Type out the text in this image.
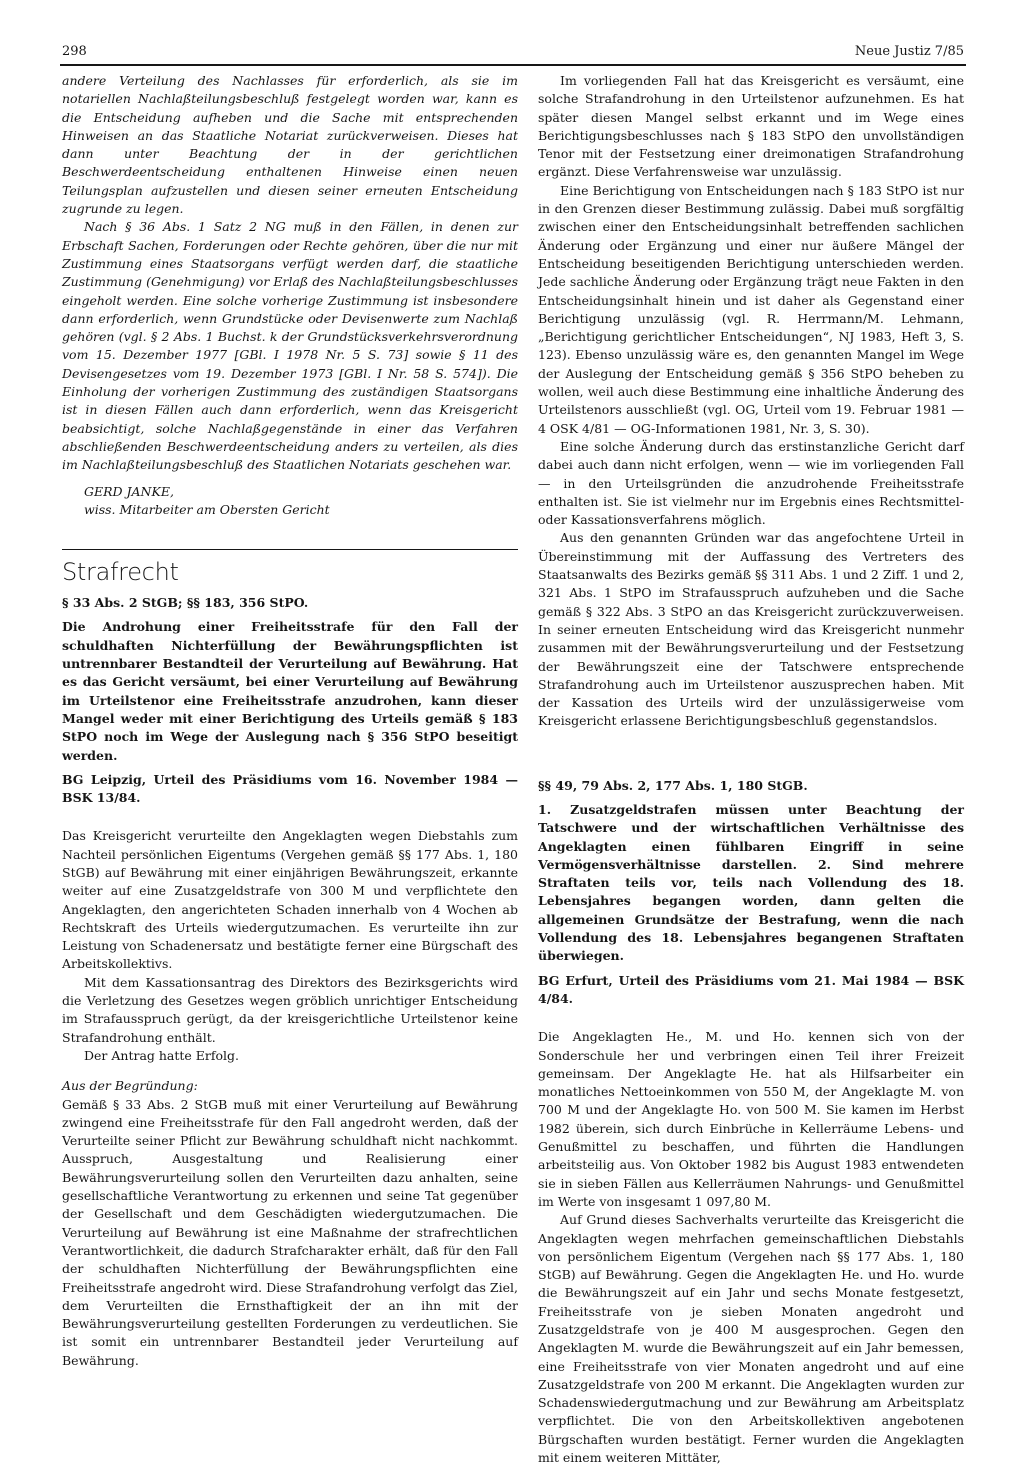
298	Neue Justiz 7/85

andere Verteilung des Nachlasses für erforderlich, als sie im notariellen Nachlaßteilungsbeschluß festgelegt worden war, kann es die Entscheidung aufheben und die Sache mit entsprechenden Hinweisen an das Staatliche Notariat zurückverweisen. Dieses hat dann unter Beachtung der in der gerichtlichen Beschwerdeentscheidung enthaltenen Hinweise einen neuen Teilungsplan aufzustellen und diesen seiner erneuten Entscheidung zugrunde zu legen.

Nach § 36 Abs. 1 Satz 2 NG muß in den Fällen, in denen zur Erbschaft Sachen, Forderungen oder Rechte gehören, über die nur mit Zustimmung eines Staatsorgans verfügt werden darf, die staatliche Zustimmung (Genehmigung) vor Erlaß des Nachlaßteilungsbeschlusses eingeholt werden. Eine solche vorherige Zustimmung ist insbesondere dann erforderlich, wenn Grundstücke oder Devisenwerte zum Nachlaß gehören (vgl. § 2 Abs. 1 Buchst. k der Grundstücksverkehrsverordnung vom 15. Dezember 1977 [GBl. I 1978 Nr. 5 S. 73] sowie § 11 des Devisengesetzes vom 19. Dezember 1973 [GBl. I Nr. 58 S. 574]). Die Einholung der vorherigen Zustimmung des zuständigen Staatsorgans ist in diesen Fällen auch dann erforderlich, wenn das Kreisgericht beabsichtigt, solche Nachlaßgegenstände in einer das Verfahren abschließenden Beschwerdeentscheidung anders zu verteilen, als dies im Nachlaßteilungsbeschluß des Staatlichen Notariats geschehen war.

GERD JANKE,

wiss. Mitarbeiter am Obersten Gericht

Strafrecht

§ 33 Abs. 2 StGB; §§ 183, 356 StPO.

Die Androhung einer Freiheitsstrafe für den Fall der schuldhaften Nichterfüllung der Bewährungspflichten ist untrennbarer Bestandteil der Verurteilung auf Bewährung. Hat es das Gericht versäumt, bei einer Verurteilung auf Bewährung im Urteilstenor eine Freiheitsstrafe anzudrohen, kann dieser Mangel weder mit einer Berichtigung des Urteils gemäß § 183 StPO noch im Wege der Auslegung nach § 356 StPO beseitigt werden.

BG Leipzig, Urteil des Präsidiums vom 16. November 1984 — BSK 13/84.

Das Kreisgericht verurteilte den Angeklagten wegen Diebstahls zum Nachteil persönlichen Eigentums (Vergehen gemäß §§ 177 Abs. 1, 180 StGB) auf Bewährung mit einer einjährigen Bewährungszeit, erkannte weiter auf eine Zusatzgeldstrafe von 300 M und verpflichtete den Angeklagten, den angerichteten Schaden innerhalb von 4 Wochen ab Rechtskraft des Urteils wiedergutzumachen. Es verurteilte ihn zur Leistung von Schadenersatz und bestätigte ferner eine Bürgschaft des Arbeitskollektivs.

Mit dem Kassationsantrag des Direktors des Bezirksgerichts wird die Verletzung des Gesetzes wegen gröblich unrichtiger Entscheidung im Strafausspruch gerügt, da der kreisgerichtliche Urteilstenor keine Strafandrohung enthält.

Der Antrag hatte Erfolg.

Aus der Begründung:

Gemäß § 33 Abs. 2 StGB muß mit einer Verurteilung auf Bewährung zwingend eine Freiheitsstrafe für den Fall angedroht werden, daß der Verurteilte seiner Pflicht zur Bewährung schuldhaft nicht nachkommt. Ausspruch, Ausgestaltung und Realisierung einer Bewährungsverurteilung sollen den Verurteilten dazu anhalten, seine gesellschaftliche Verantwortung zu erkennen und seine Tat gegenüber der Gesellschaft und dem Geschädigten wiedergutzumachen. Die Verurteilung auf Bewährung ist eine Maßnahme der strafrechtlichen Verantwortlichkeit, die dadurch Strafcharakter erhält, daß für den Fall der schuldhaften Nichterfüllung der Bewährungspflichten eine Freiheitsstrafe angedroht wird. Diese Strafandrohung verfolgt das Ziel, dem Verurteilten die Ernsthaftigkeit der an ihn mit der Bewährungsverurteilung gestellten Forderungen zu verdeutlichen. Sie ist somit ein untrennbarer Bestandteil jeder Verurteilung auf Bewährung.

Im vorliegenden Fall hat das Kreisgericht es versäumt, eine solche Strafandrohung in den Urteilstenor aufzunehmen. Es hat später diesen Mangel selbst erkannt und im Wege eines Berichtigungsbeschlusses nach § 183 StPO den unvollständigen Tenor mit der Festsetzung einer dreimonatigen Strafandrohung ergänzt. Diese Verfahrensweise war unzulässig.

Eine Berichtigung von Entscheidungen nach § 183 StPO ist nur in den Grenzen dieser Bestimmung zulässig. Dabei muß sorgfältig zwischen einer den Entscheidungsinhalt betreffenden sachlichen Änderung oder Ergänzung und einer nur äußere Mängel der Entscheidung beseitigenden Berichtigung unterschieden werden. Jede sachliche Änderung oder Ergänzung trägt neue Fakten in den Entscheidungsinhalt hinein und ist daher als Gegenstand einer Berichtigung unzulässig (vgl. R. Herrmann/M. Lehmann, „Berichtigung gerichtlicher Entscheidungen“, NJ 1983, Heft 3, S. 123). Ebenso unzulässig wäre es, den genannten Mangel im Wege der Auslegung der Entscheidung gemäß § 356 StPO beheben zu wollen, weil auch diese Bestimmung eine inhaltliche Änderung des Urteilstenors ausschließt (vgl. OG, Urteil vom 19. Februar 1981 — 4 OSK 4/81 — OG-Informationen 1981, Nr. 3, S. 30).

Eine solche Änderung durch das erstinstanzliche Gericht darf dabei auch dann nicht erfolgen, wenn — wie im vorliegenden Fall — in den Urteilsgründen die anzudrohende Freiheitsstrafe enthalten ist. Sie ist vielmehr nur im Ergebnis eines Rechtsmittel- oder Kassationsverfahrens möglich.

Aus den genannten Gründen war das angefochtene Urteil in Übereinstimmung mit der Auffassung des Vertreters des Staatsanwalts des Bezirks gemäß §§ 311 Abs. 1 und 2 Ziff. 1 und 2, 321 Abs. 1 StPO im Strafausspruch aufzuheben und die Sache gemäß § 322 Abs. 3 StPO an das Kreisgericht zurückzuverweisen. In seiner erneuten Entscheidung wird das Kreisgericht nunmehr zusammen mit der Bewährungsverurteilung und der Festsetzung der Bewährungszeit eine der Tatschwere entsprechende Strafandrohung auch im Urteilstenor auszusprechen haben. Mit der Kassation des Urteils wird der unzulässigerweise vom Kreisgericht erlassene Berichtigungsbeschluß gegenstandslos.

§§ 49, 79 Abs. 2, 177 Abs. 1, 180 StGB.

1. Zusatzgeldstrafen müssen unter Beachtung der Tatschwere und der wirtschaftlichen Verhältnisse des Angeklagten einen fühlbaren Eingriff in seine Vermögensverhältnisse darstellen. 2. Sind mehrere Straftaten teils vor, teils nach Vollendung des 18. Lebensjahres begangen worden, dann gelten die allgemeinen Grundsätze der Bestrafung, wenn die nach Vollendung des 18. Lebensjahres begangenen Straftaten überwiegen.

BG Erfurt, Urteil des Präsidiums vom 21. Mai 1984 — BSK 4/84.

Die Angeklagten He., M. und Ho. kennen sich von der Sonderschule her und verbringen einen Teil ihrer Freizeit gemeinsam. Der Angeklagte He. hat als Hilfsarbeiter ein monatliches Nettoeinkommen von 550 M, der Angeklagte M. von 700 M und der Angeklagte Ho. von 500 M. Sie kamen im Herbst 1982 überein, sich durch Einbrüche in Kellerräume Lebens- und Genußmittel zu beschaffen, und führten die Handlungen arbeitsteilig aus. Von Oktober 1982 bis August 1983 entwendeten sie in sieben Fällen aus Kellerräumen Nahrungs- und Genußmittel im Werte von insgesamt 1 097,80 M.

Auf Grund dieses Sachverhalts verurteilte das Kreisgericht die Angeklagten wegen mehrfachen gemeinschaftlichen Diebstahls von persönlichem Eigentum (Vergehen nach §§ 177 Abs. 1, 180 StGB) auf Bewährung. Gegen die Angeklagten He. und Ho. wurde die Bewährungszeit auf ein Jahr und sechs Monate festgesetzt, Freiheitsstrafe von je sieben Monaten angedroht und Zusatzgeldstrafe von je 400 M ausgesprochen. Gegen den Angeklagten M. wurde die Bewährungszeit auf ein Jahr bemessen, eine Freiheitsstrafe von vier Monaten angedroht und auf eine Zusatzgeldstrafe von 200 M erkannt. Die Angeklagten wurden zur Schadenswiedergutmachung und zur Bewährung am Arbeitsplatz verpflichtet. Die von den Arbeitskollektiven angebotenen Bürgschaften wurden bestätigt. Ferner wurden die Angeklagten mit einem weiteren Mittäter,
